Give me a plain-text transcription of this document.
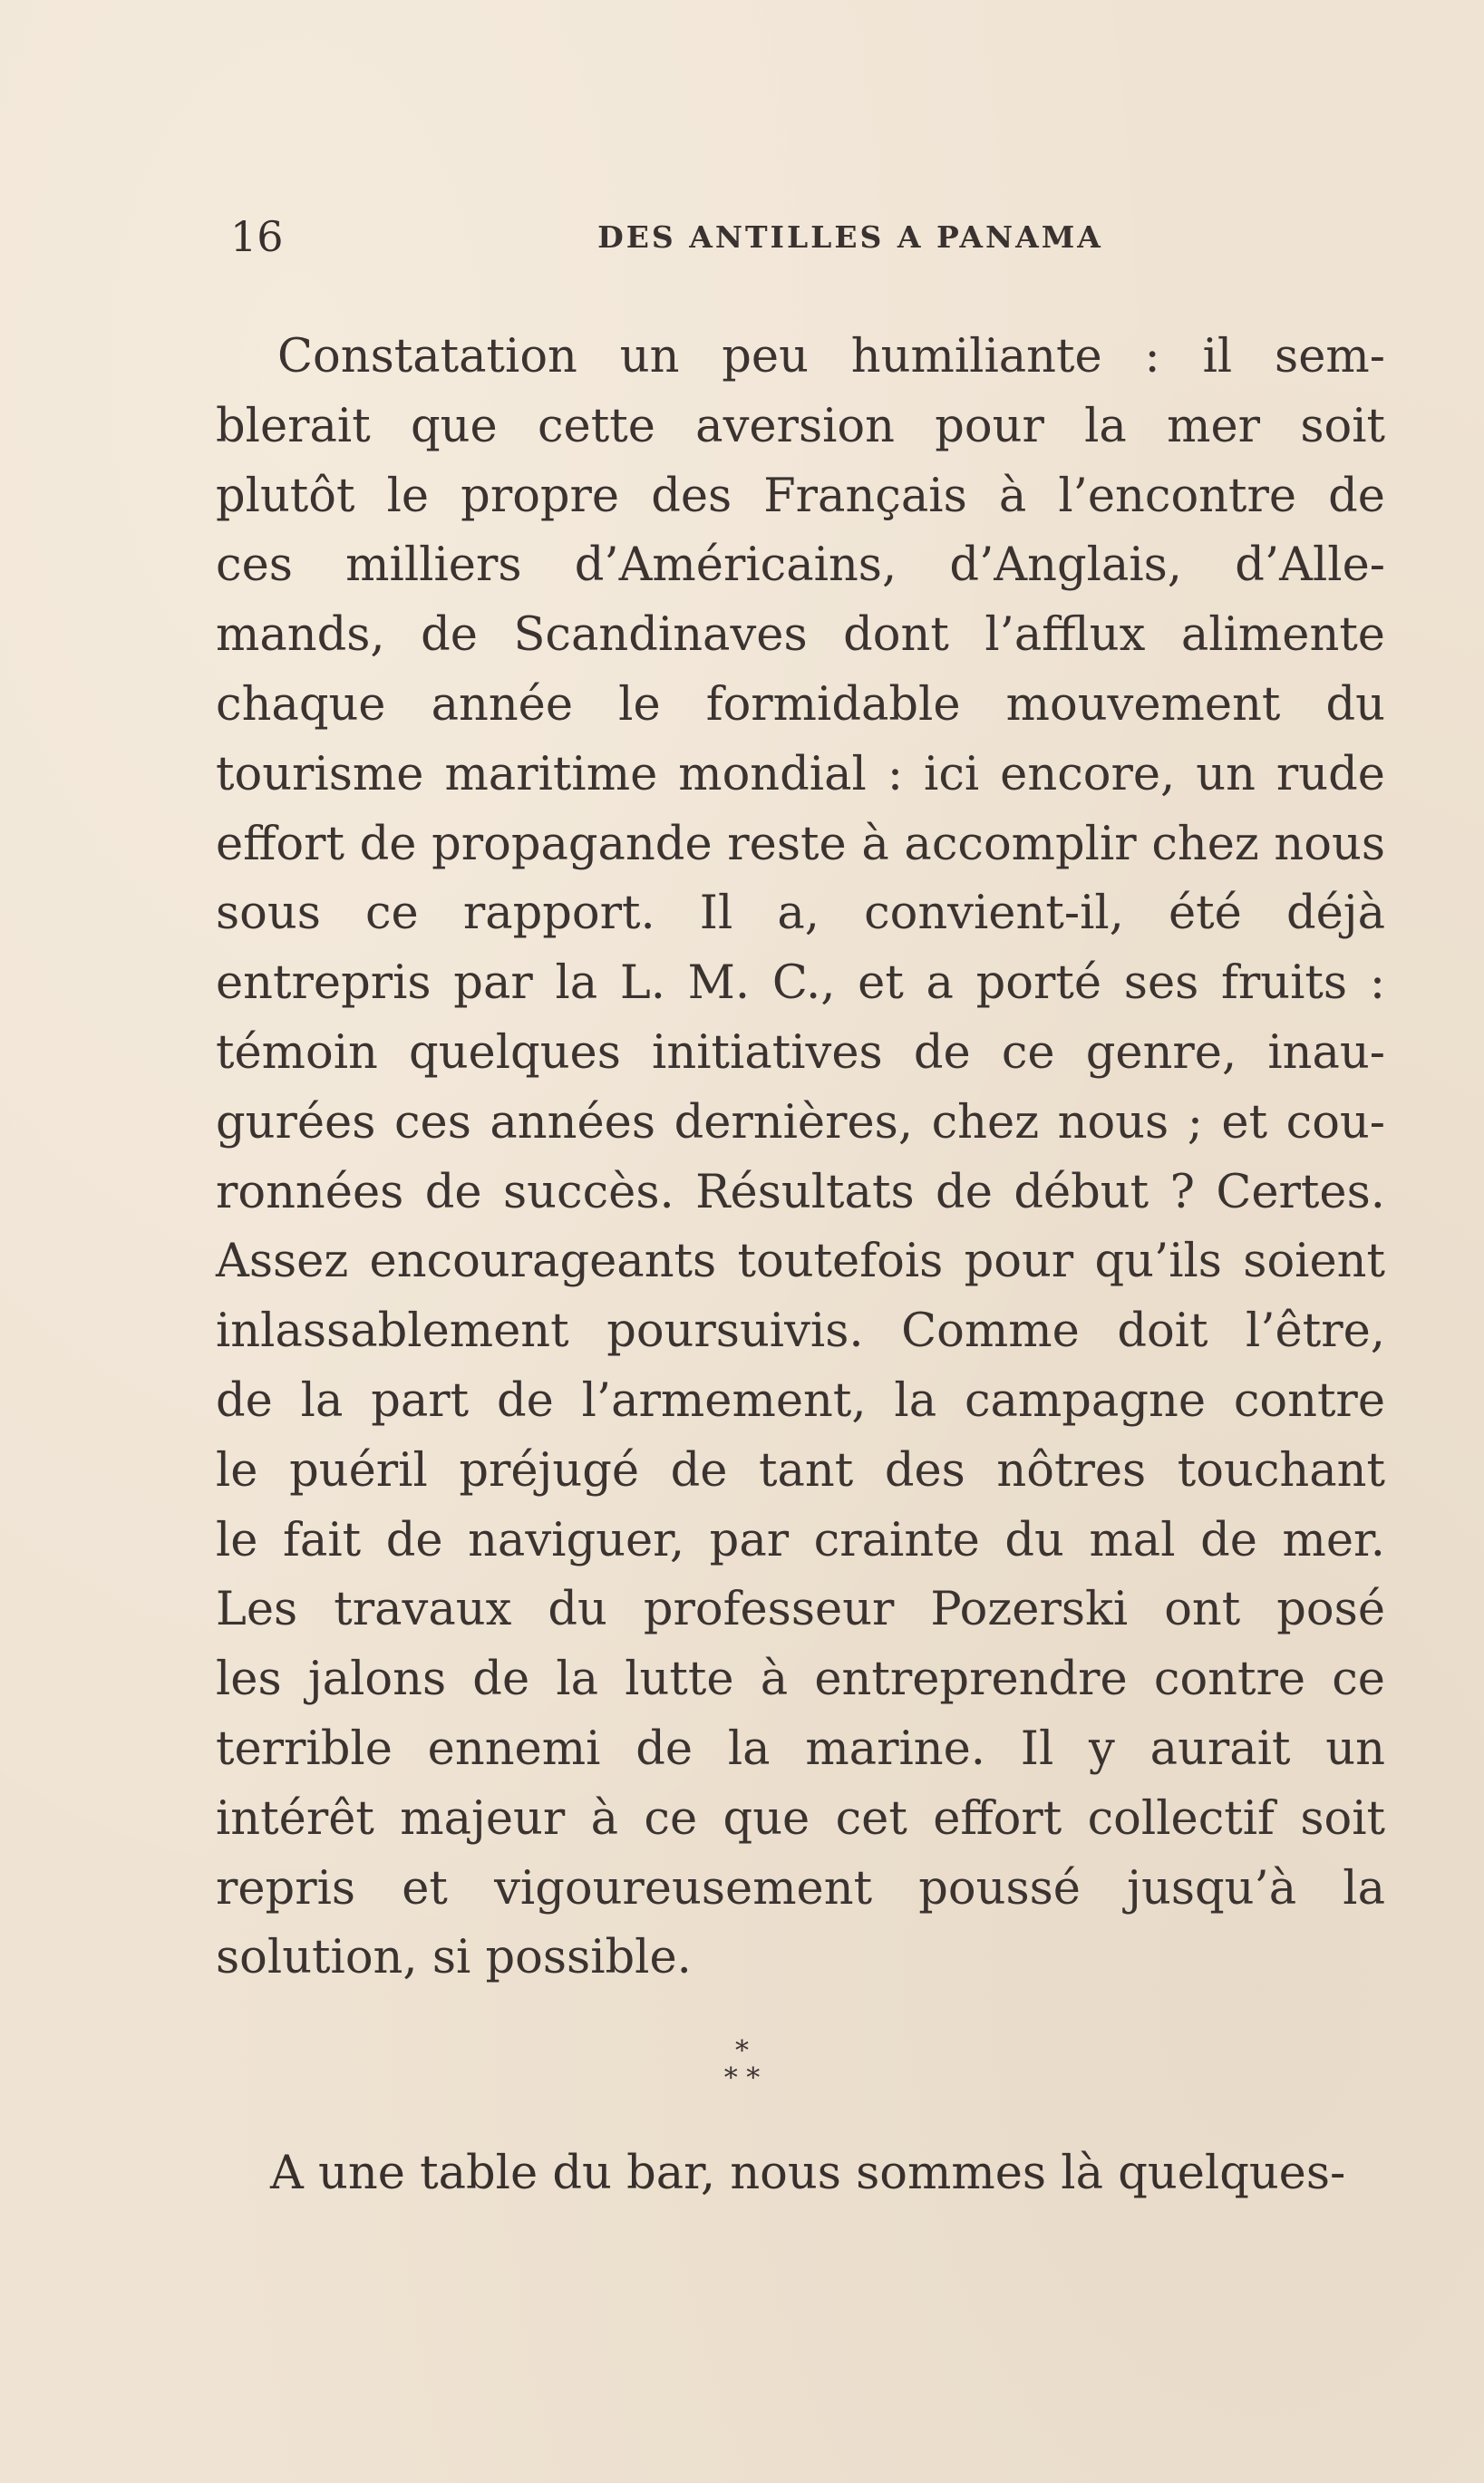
16	DES ANTILLES A PANAMA
Constatation un peu humiliante : il sem-
blerait que cette aversion pour la mer soit
plutôt le propre des Français à l’encontre de
ces milliers d’Américains, d’Anglais, d’Alle-
mands, de Scandinaves dont l’afflux alimente
chaque année le formidable mouvement du
tourisme maritime mondial : ici encore, un rude
effort de propagande reste à accomplir chez nous
sous ce rapport. Il a, convient-il, été déjà
entrepris par la L. M. C., et a porté ses fruits :
témoin quelques initiatives de ce genre, inau-
gurées ces années dernières, chez nous ; et cou-
ronnées de succès. Résultats de début ? Certes.
Assez encourageants toutefois pour qu’ils soient
inlassablement poursuivis. Comme doit l’être,
de la part de l’armement, la campagne contre
le puéril préjugé de tant des nôtres touchant
le fait de naviguer, par crainte du mal de mer.
Les travaux du professeur Pozerski ont posé
les jalons de la lutte à entreprendre contre ce
terrible ennemi de la marine. Il y aurait un
intérêt majeur à ce que cet effort collectif soit
repris et vigoureusement poussé jusqu’à la
solution, si possible.
*
* *
A une table du bar, nous sommes là quelques-
